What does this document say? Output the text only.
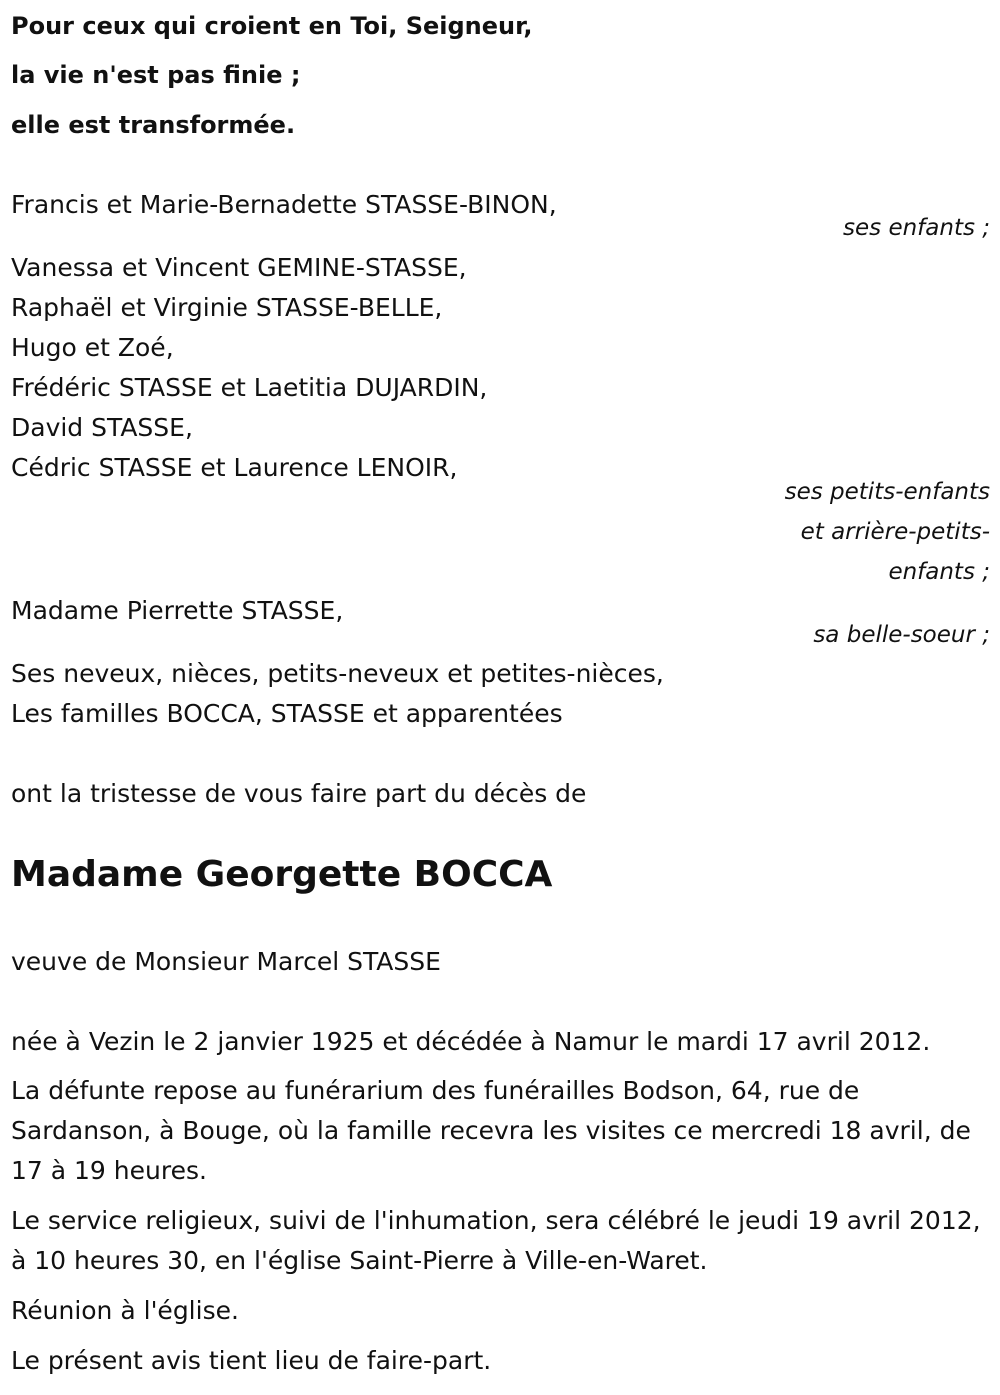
Pour ceux qui croient en Toi, Seigneur,
la vie n'est pas finie ;
elle est transformée.
Francis et Marie-Bernadette STASSE-BINON,
ses enfants ;
Vanessa et Vincent GEMINE-STASSE,
Raphaël et Virginie STASSE-BELLE,
Hugo et Zoé,
Frédéric STASSE et Laetitia DUJARDIN,
David STASSE,
Cédric STASSE et Laurence LENOIR,
ses petits-enfants
et arrière-petits-
enfants ;
Madame Pierrette STASSE,
sa belle-soeur ;
Ses neveux, nièces, petits-neveux et petites-nièces,
Les familles BOCCA, STASSE et apparentées
ont la tristesse de vous faire part du décès de
Madame Georgette BOCCA
veuve de Monsieur Marcel STASSE
née à Vezin le 2 janvier 1925 et décédée à Namur le mardi 17 avril 2012.
La défunte repose au funérarium des funérailles Bodson, 64, rue de Sardanson, à Bouge, où la famille recevra les visites ce mercredi 18 avril, de 17 à 19 heures.
Le service religieux, suivi de l'inhumation, sera célébré le jeudi 19 avril 2012, à 10 heures 30, en l'église Saint-Pierre à Ville-en-Waret.
Réunion à l'église.
Le présent avis tient lieu de faire-part.
